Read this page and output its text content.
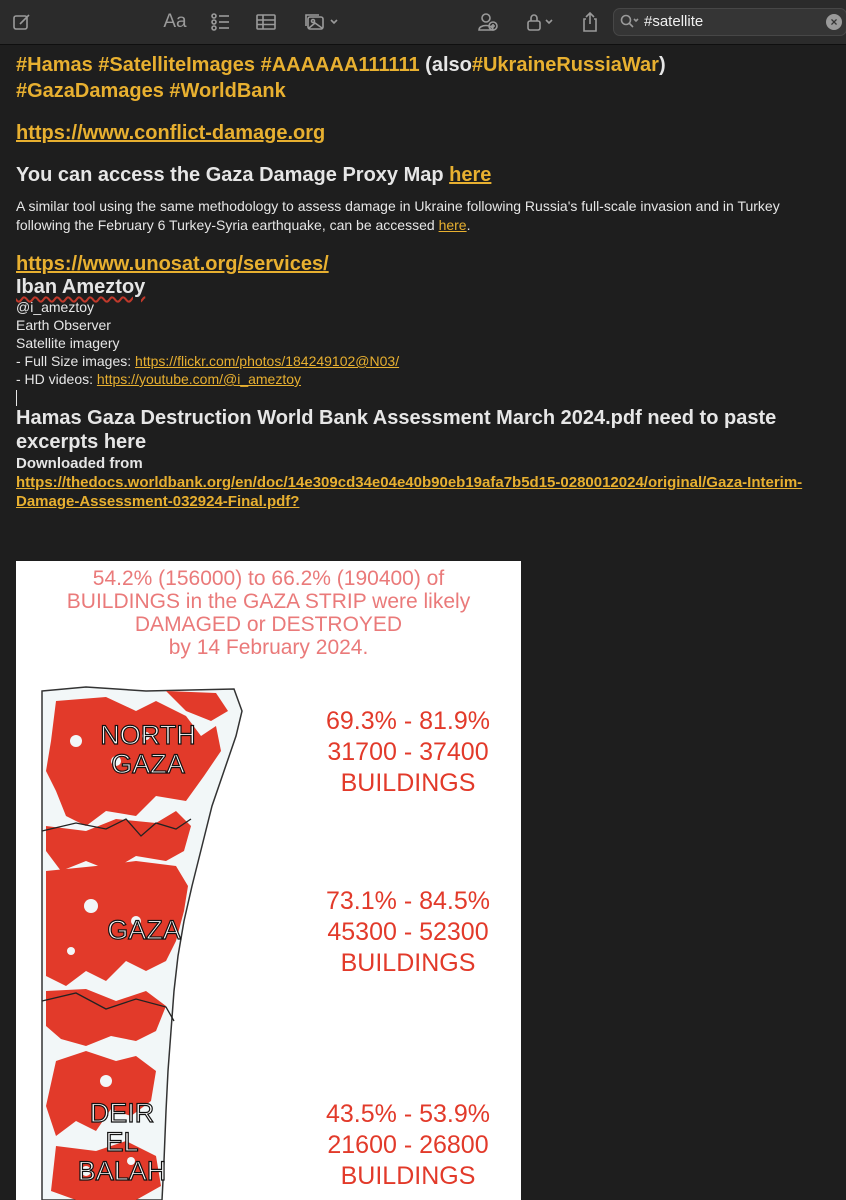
Aa	#satellite	×

#Hamas #SatelliteImages #AAAAAA111111 (also#UkraineRussiaWar)

#GazaDamages #WorldBank

https://www.conflict-damage.org

You can access the Gaza Damage Proxy Map here

A similar tool using the same methodology to assess damage in Ukraine following Russia's full-scale invasion and in Turkey following the February 6 Turkey-Syria earthquake, can be accessed here.

https://www.unosat.org/services/

Iban Ameztoy

@i_ameztoy

Earth Observer

Satellite imagery

- Full Size images: https://flickr.com/photos/184249102@N03/

- HD videos: https://youtube.com/@i_ameztoy

Hamas Gaza Destruction World Bank Assessment March 2024.pdf need to paste excerpts here

Downloaded from

https://thedocs.worldbank.org/en/doc/14e309cd34e04e40b90eb19afa7b5d15-0280012024/original/Gaza-Interim-Damage-Assessment-032924-Final.pdf?

54.2% (156000) to 66.2% (190400) of
BUILDINGS in the GAZA STRIP were likely
DAMAGED or DESTROYED
by 14 February 2024.
NORTH
GAZA
GAZA
DEIR
EL
BALAH
69.3% - 81.9%
31700 - 37400
BUILDINGS
73.1% - 84.5%
45300 - 52300
BUILDINGS
43.5% - 53.9%
21600 - 26800
BUILDINGS
